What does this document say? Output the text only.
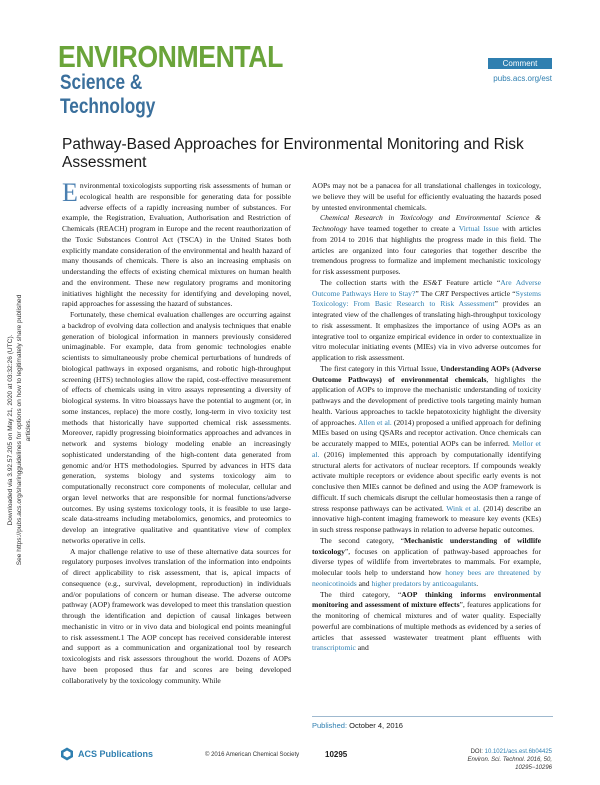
ENVIRONMENTAL
Science & Technology
Comment
pubs.acs.org/est
Pathway-Based Approaches for Environmental Monitoring and Risk Assessment
Downloaded via 3.92.57.205 on May 21, 2020 at 03:32:26 (UTC). See https://pubs.acs.org/sharingguidelines for options on how to legitimately share published articles.

Environmental toxicologists supporting risk assessments of human or ecological health are responsible for generating data for possible adverse effects of a rapidly increasing number of substances. For example, the Registration, Evaluation, Authorisation and Restriction of Chemicals (REACH) program in Europe and the recent reauthorization of the Toxic Substances Control Act (TSCA) in the United States both explicitly mandate consideration of the environmental and health hazard of many thousands of chemicals. There is also an increasing emphasis on understanding the effects of existing chemical mixtures on human health and the environment. These new regulatory programs and monitoring initiatives highlight the necessity for identifying and developing novel, rapid approaches for assessing the hazard of substances.

Fortunately, these chemical evaluation challenges are occurring against a backdrop of evolving data collection and analysis techniques that enable generation of biological information in manners previously considered unimaginable. For example, data from genomic technologies enable scientists to simultaneously probe chemical perturbations of hundreds of biological pathways in exposed organisms, and robotic high-throughput screening (HTS) technologies allow the rapid, cost-effective measurement of effects of chemicals using in vitro assays representing a diversity of biological systems. In vitro bioassays have the potential to augment (or, in some instances, replace) the more costly, long-term in vivo toxicity test methods that historically have supported chemical risk assessments. Moreover, rapidly progressing bioinformatics approaches and advances in network and systems biology modeling enable an increasingly sophisticated understanding of the high-content data generated from genomic and/or HTS methodologies. Spurred by advances in HTS data generation, systems biology and systems toxicology aim to computationally reconstruct core components of molecular, cellular and organ level networks that are responsible for normal functions/adverse outcomes. By using systems toxicology tools, it is feasible to use large-scale data-streams including metabolomics, genomics, and proteomics to develop an integrative qualitative and quantitative view of complex networks operative in cells.

A major challenge relative to use of these alternative data sources for regulatory purposes involves translation of the information into endpoints of direct applicability to risk assessment, that is, apical impacts of consequence (e.g., survival, development, reproduction) in individuals and/or populations of concern or human disease. The adverse outcome pathway (AOP) framework was developed to meet this translation question through the identification and depiction of causal linkages between mechanistic in vitro or in vivo data and biological end points meaningful to risk assessment.1 The AOP concept has received considerable interest and support as a communication and organizational tool by research toxicologists and risk assessors throughout the world. Dozens of AOPs have been proposed thus far and scores are being developed collaboratively by the toxicology community. While

AOPs may not be a panacea for all translational challenges in toxicology, we believe they will be useful for efficiently evaluating the hazards posed by untested environmental chemicals.

Chemical Research in Toxicology and Environmental Science & Technology have teamed together to create a Virtual Issue with articles from 2014 to 2016 that highlights the progress made in this field. The articles are organized into four categories that together describe the tremendous progress to formalize and implement mechanistic toxicology for risk assessment purposes.

The collection starts with the ES&T Feature article “Are Adverse Outcome Pathways Here to Stay?” The CRT Perspectives article “Systems Toxicology: From Basic Research to Risk Assessment” provides an integrated view of the challenges of translating high-throughput toxicology to risk assessment. It emphasizes the importance of using AOPs as an integrative tool to organize empirical evidence in order to contextualize in vitro molecular initiating events (MIEs) via in vivo adverse outcomes for application to risk assessment.

The first category in this Virtual Issue, Understanding AOPs (Adverse Outcome Pathways) of environmental chemicals, highlights the application of AOPs to improve the mechanistic understanding of toxicity pathways and the development of predictive tools targeting mainly human health. Various approaches to tackle hepatotoxicity highlight the diversity of approaches. Allen et al. (2014) proposed a unified approach for defining MIEs based on using QSARs and receptor activation. Once chemicals can be accurately mapped to MIEs, potential AOPs can be inferred. Mellor et al. (2016) implemented this approach by computationally identifying structural alerts for activators of nuclear receptors. If compounds weakly activate multiple receptors or evidence about specific early events is not conclusive then MIEs cannot be defined and using the AOP framework is difficult. If such chemicals disrupt the cellular homeostasis then a range of stress response pathways can be activated. Wink et al. (2014) describe an innovative high-content imaging framework to measure key events (KEs) in such stress response pathways in relation to adverse hepatic outcomes.

The second category, “Mechanistic understanding of wildlife toxicology”, focuses on application of pathway-based approaches for diverse types of wildlife from invertebrates to mammals. For example, molecular tools help to understand how honey bees are threatened by neonicotinoids and higher predators by anticoagulants.

The third category, “AOP thinking informs environmental monitoring and assessment of mixture effects”, features applications for the monitoring of chemical mixtures and of water quality. Especially powerful are combinations of multiple methods as evidenced by a series of articles that assessed wastewater treatment plant effluents with transcriptomic and

Published: October 4, 2016
ACS Publications	© 2016 American Chemical Society	10295	DOI: 10.1021/acs.est.6b04425
Environ. Sci. Technol. 2016, 50, 10295−10296
